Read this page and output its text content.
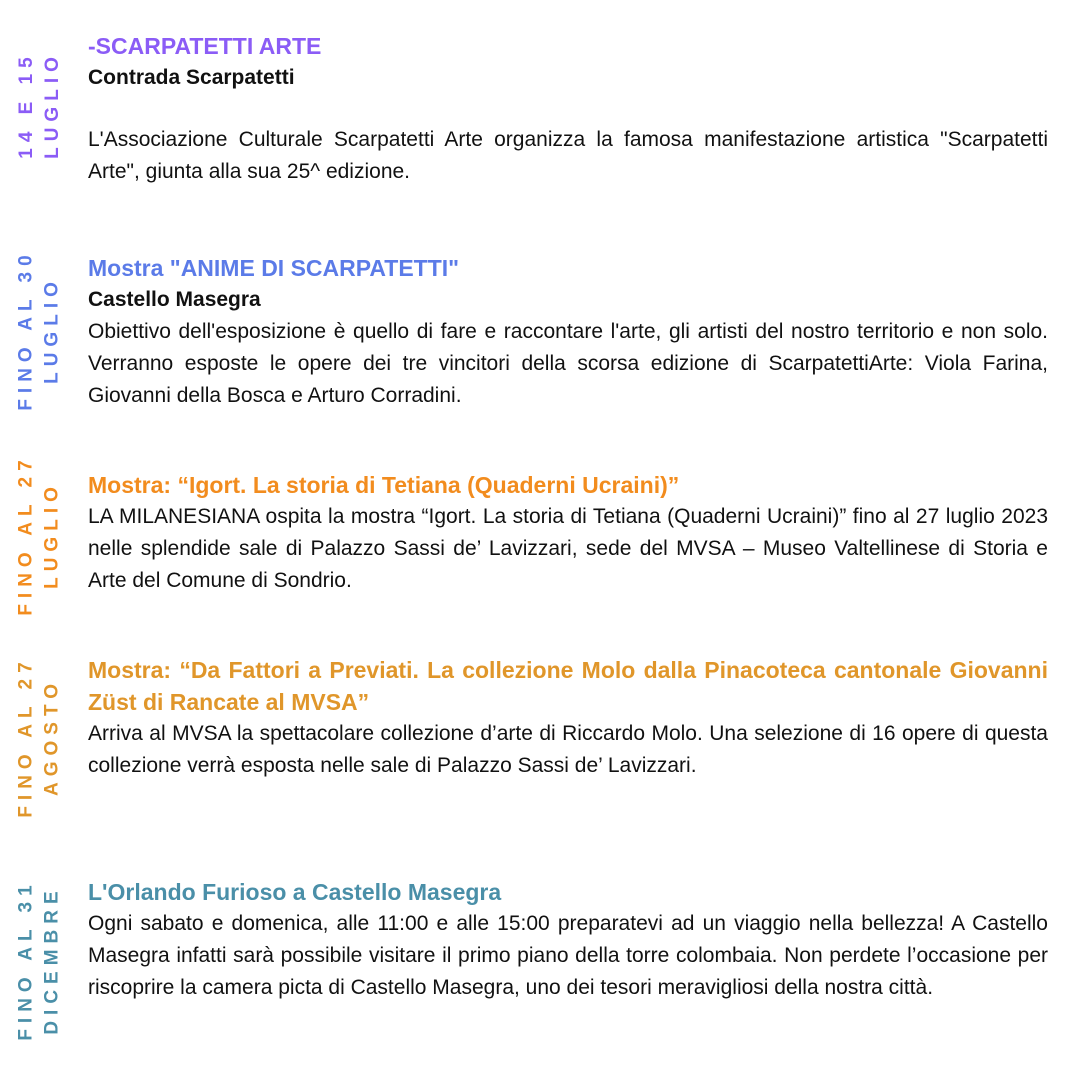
14 E 15 LUGLIO

-SCARPATETTI ARTE

Contrada Scarpatetti

L'Associazione Culturale Scarpatetti Arte organizza la famosa manifestazione artistica "Scarpatetti Arte", giunta alla sua 25^ edizione.

FINO AL 30 LUGLIO

Mostra "ANIME DI SCARPATETTI"

Castello Masegra

Obiettivo dell'esposizione è quello di fare e raccontare l'arte, gli artisti del nostro territorio e non solo. Verranno esposte le opere dei tre vincitori della scorsa edizione di ScarpatettiArte: Viola Farina, Giovanni della Bosca e Arturo Corradini.

FINO AL 27 LUGLIO Mostra: “Igort. La storia di Tetiana (Quaderni Ucraini)”

LA MILANESIANA ospita la mostra “Igort. La storia di Tetiana (Quaderni Ucraini)” fino al 27 luglio 2023 nelle splendide sale di Palazzo Sassi de’ Lavizzari, sede del MVSA – Museo Valtellinese di Storia e Arte del Comune di Sondrio.

FINO AL 27 AGOSTO

Mostra: “Da Fattori a Previati. La collezione Molo dalla Pinacoteca cantonale Giovanni Züst di Rancate al MVSA”

Arriva al MVSA la spettacolare collezione d’arte di Riccardo Molo. Una selezione di 16 opere di questa collezione verrà esposta nelle sale di Palazzo Sassi de’ Lavizzari.

FINO AL 31 DICEMBRE L'Orlando Furioso a Castello Masegra

Ogni sabato e domenica, alle 11:00 e alle 15:00 preparatevi ad un viaggio nella bellezza! A Castello Masegra infatti sarà possibile visitare il primo piano della torre colombaia. Non perdete l’occasione per riscoprire la camera picta di Castello Masegra, uno dei tesori meravigliosi della nostra città.
